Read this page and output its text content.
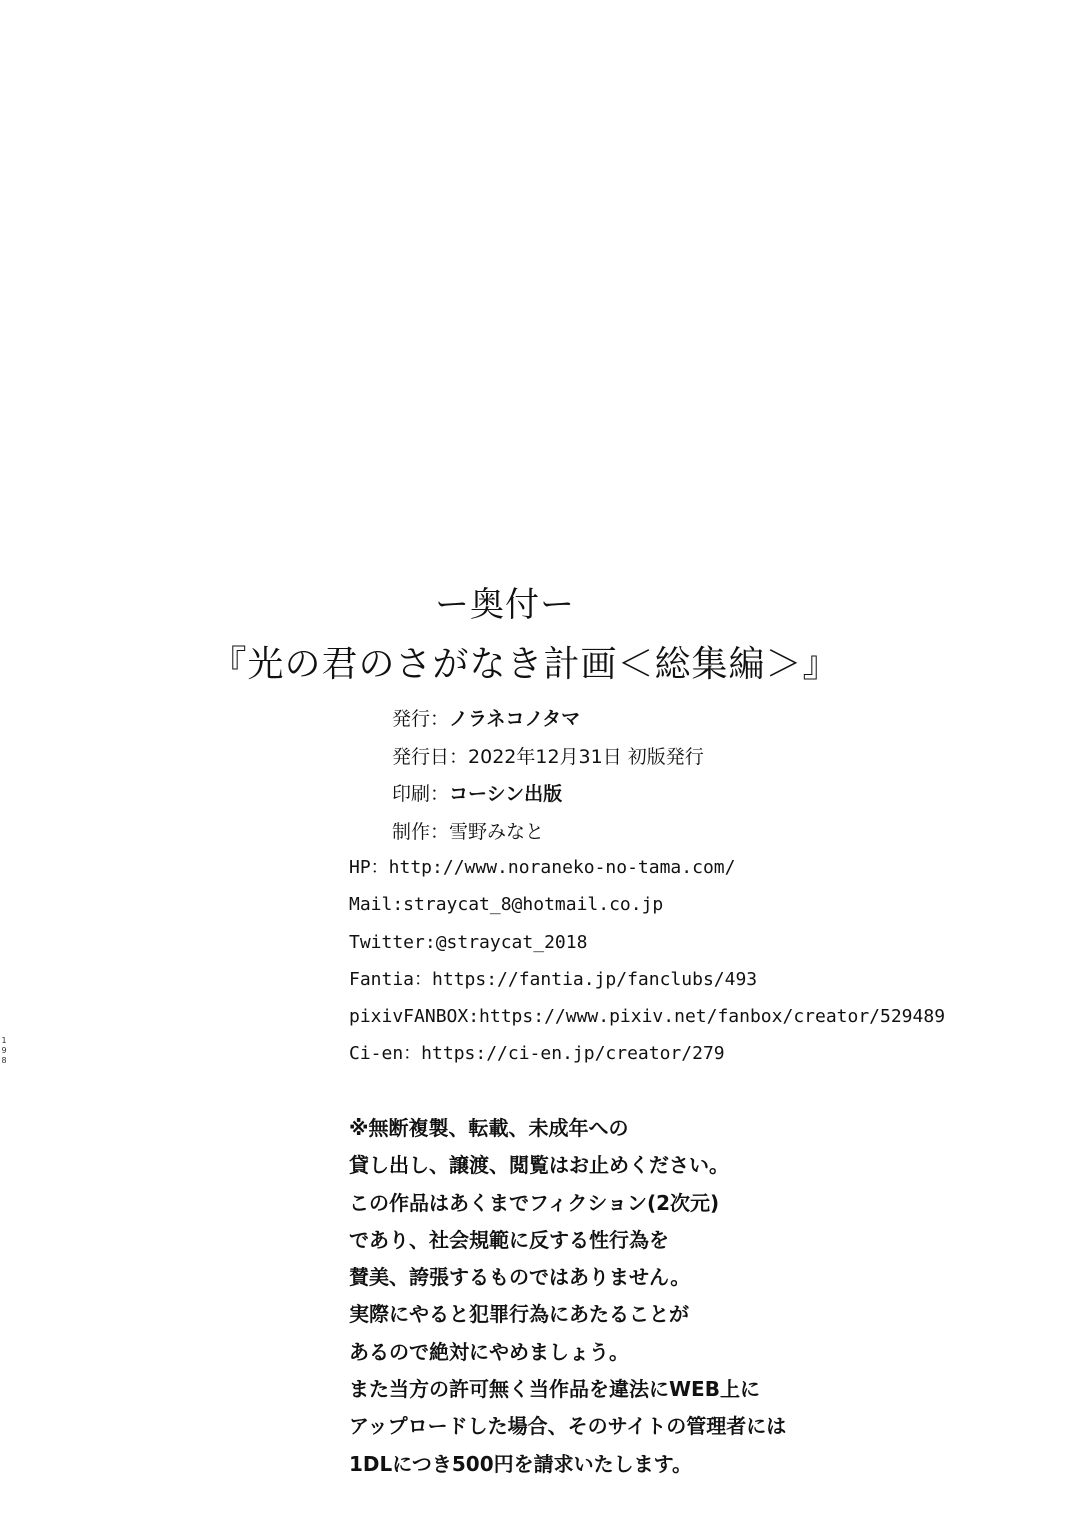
ー奥付ー
『光の君のさがなき計画＜総集編＞』
発行：ノラネコノタマ
発行日：2022年12月31日 初版発行
印刷：コーシン出版
制作：雪野みなと
HP：http://www.noraneko-no-tama.com/
Mail:straycat_8@hotmail.co.jp
Twitter:@straycat_2018
Fantia：https://fantia.jp/fanclubs/493
pixivFANBOX:https://www.pixiv.net/fanbox/creator/529489
Ci-en：https://ci-en.jp/creator/279
※無断複製、転載、未成年への
貸し出し、譲渡、閲覧はお止めください。
この作品はあくまでフィクション(2次元)
であり、社会規範に反する性行為を
賛美、誇張するものではありません。
実際にやると犯罪行為にあたることが
あるので絶対にやめましょう。
また当方の許可無く当作品を違法にWEB上に
アップロードした場合、そのサイトの管理者には
1DLにつき500円を請求いたします。
198
